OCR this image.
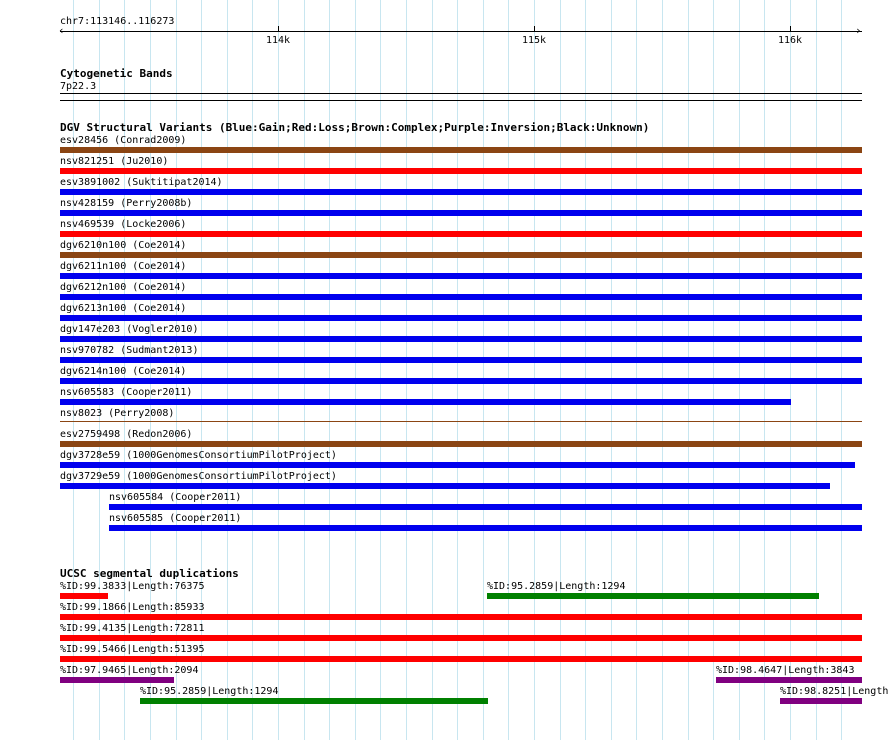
chr7:113146..116273
‹	›
114k	115k	116k
Cytogenetic Bands
7p22.3
DGV Structural Variants (Blue:Gain;Red:Loss;Brown:Complex;Purple:Inversion;Black:Unknown)
esv28456 (Conrad2009)
nsv821251 (Ju2010)
esv3891002 (Suktitipat2014)
nsv428159 (Perry2008b)
nsv469539 (Locke2006)
dgv6210n100 (Coe2014)
dgv6211n100 (Coe2014)
dgv6212n100 (Coe2014)
dgv6213n100 (Coe2014)
dgv147e203 (Vogler2010)
nsv970782 (Sudmant2013)
dgv6214n100 (Coe2014)
nsv605583 (Cooper2011)
nsv8023 (Perry2008)
esv2759498 (Redon2006)
dgv3728e59 (1000GenomesConsortiumPilotProject)
dgv3729e59 (1000GenomesConsortiumPilotProject)
nsv605584 (Cooper2011)
nsv605585 (Cooper2011)
UCSC segmental duplications
%ID:99.3833|Length:76375	%ID:95.2859|Length:1294
%ID:99.1866|Length:85933
%ID:99.4135|Length:72811
%ID:99.5466|Length:51395
%ID:97.9465|Length:2094	%ID:98.4647|Length:3843
%ID:95.2859|Length:1294	%ID:98.8251|Length
